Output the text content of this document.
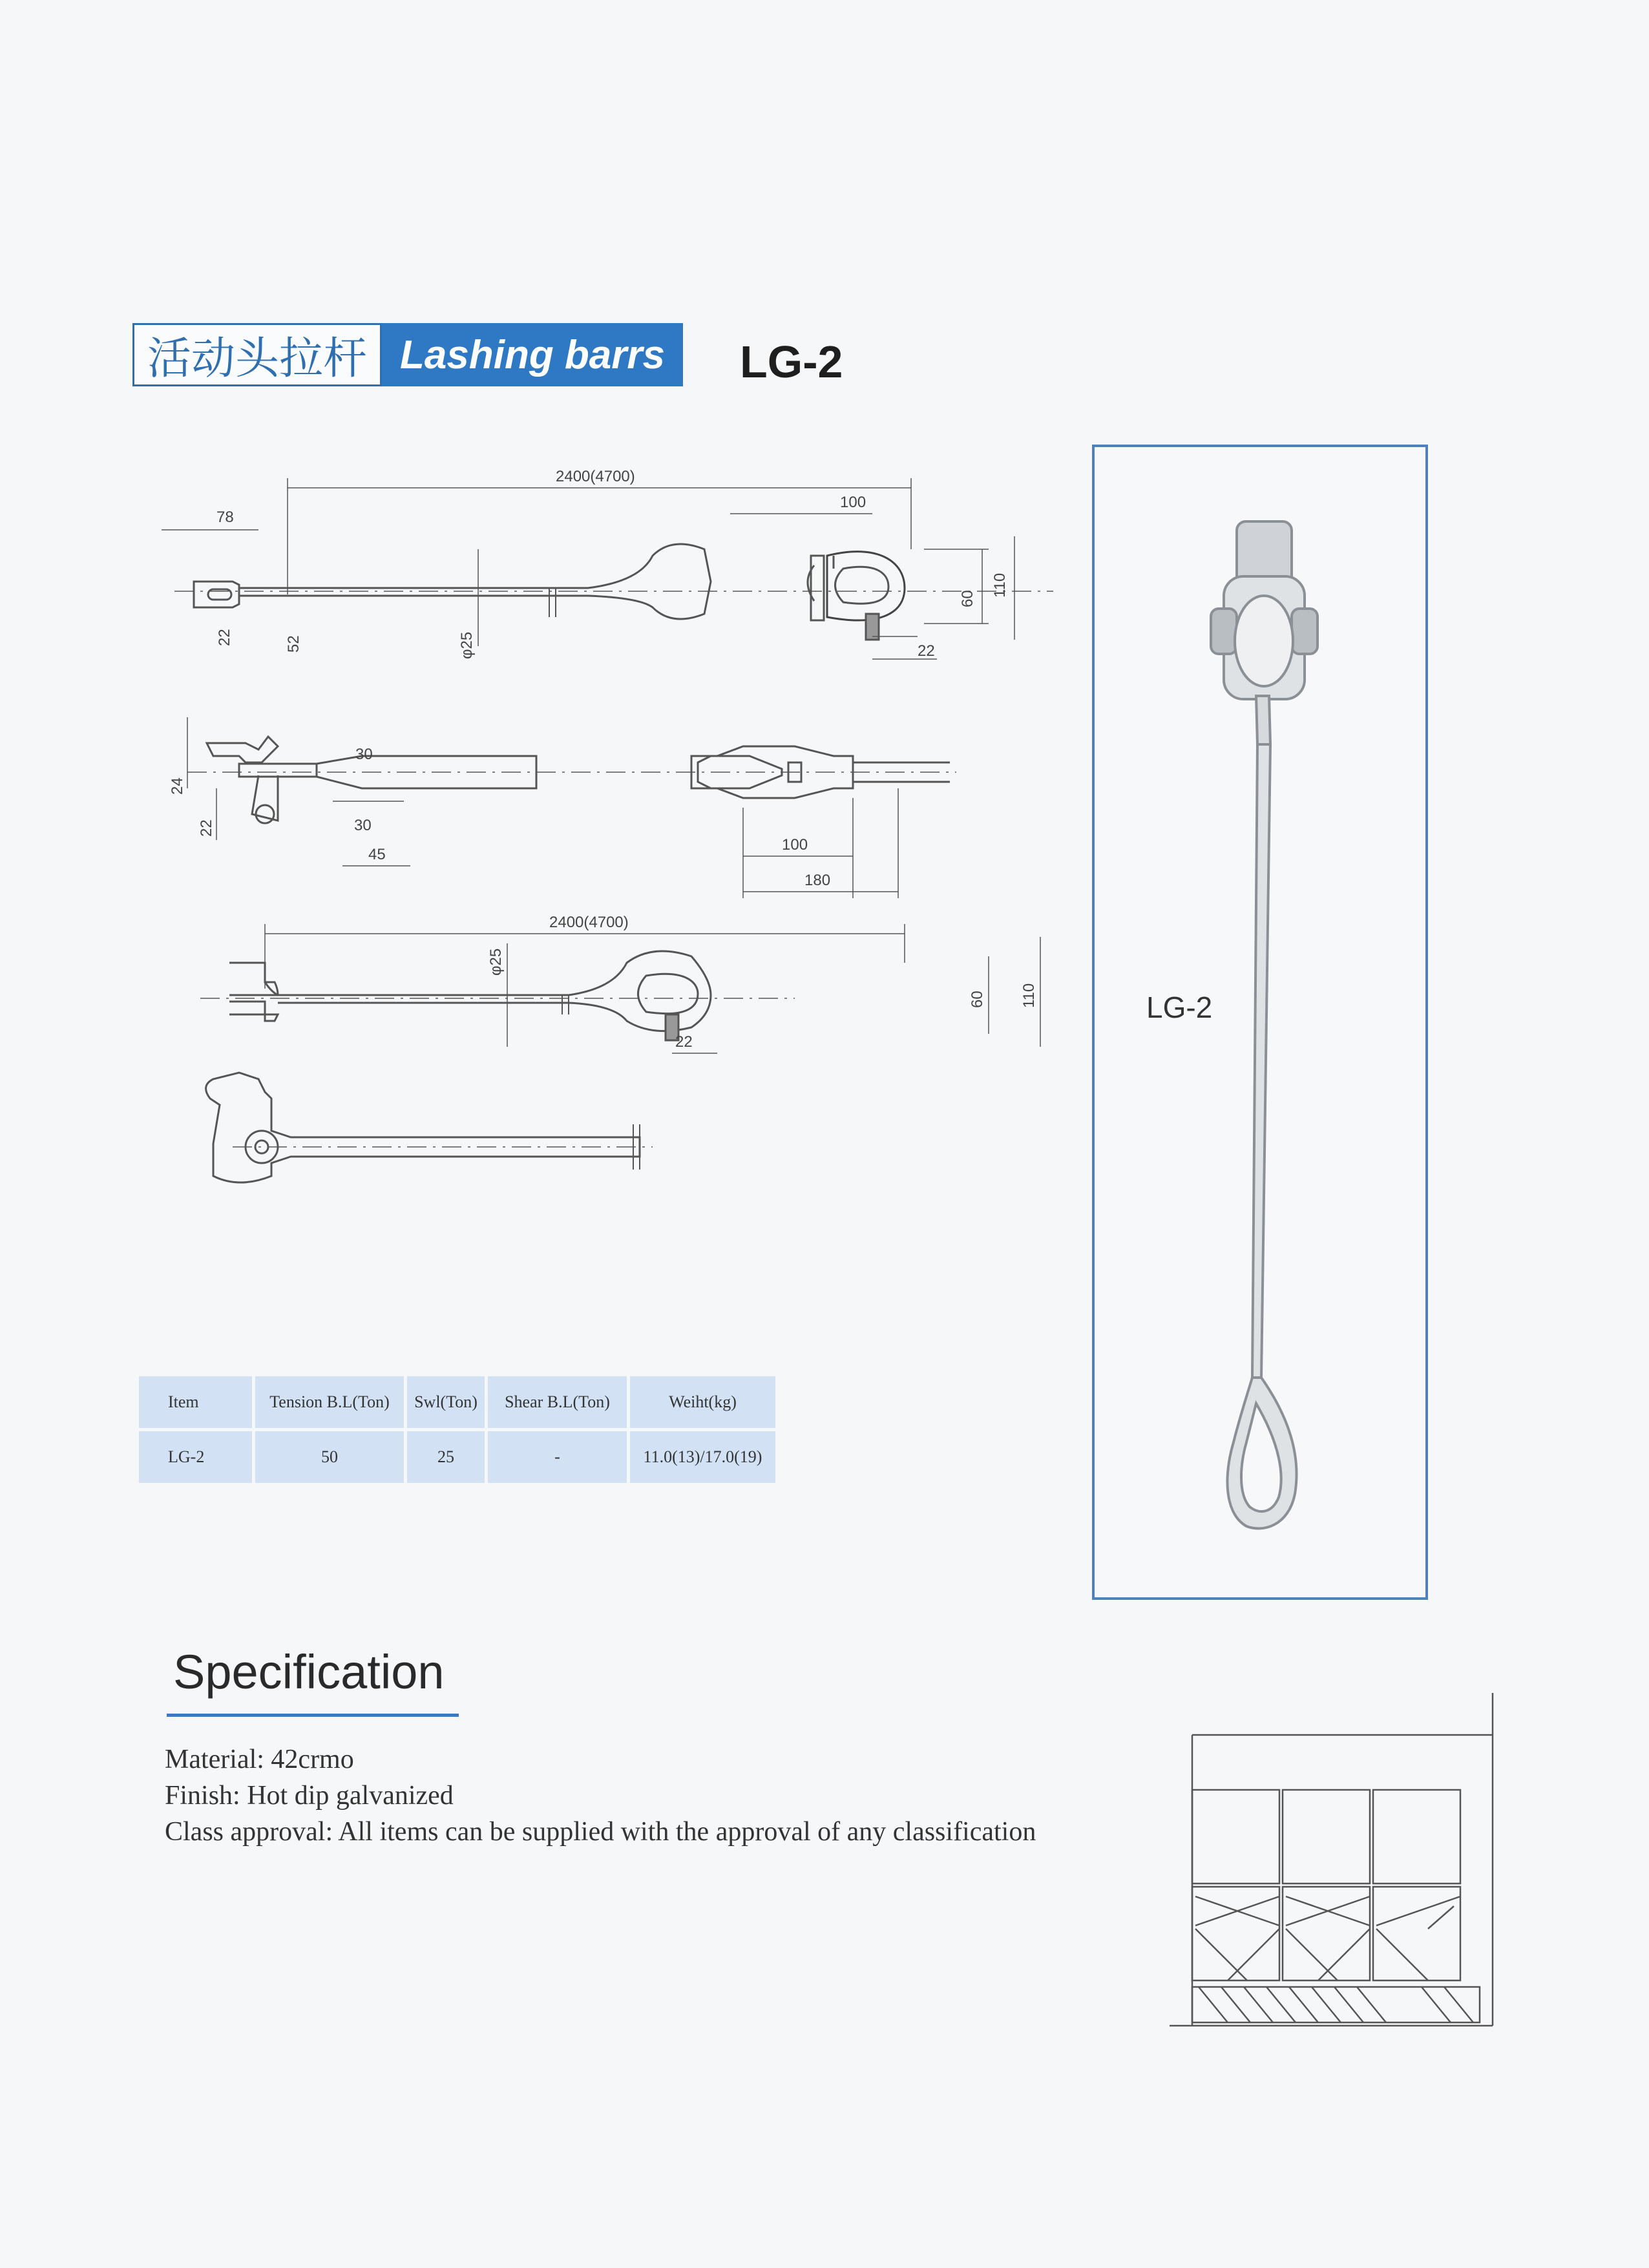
活动头拉杆 Lashing barrs	LG-2
2400(4700)
100
78
60
110
22	52	φ25	22
30
30
24
22
45
100
180
2400(4700)
φ25
60 110
22
LG-2
Item	Tension B.L(Ton)	Swl(Ton)	Shear B.L(Ton)	Weiht(kg)
LG-2	50	25	-	11.0(13)/17.0(19)
Specification
Material: 42crmo
Finish: Hot dip galvanized
Class approval: All items can be supplied with the approval of any classification
